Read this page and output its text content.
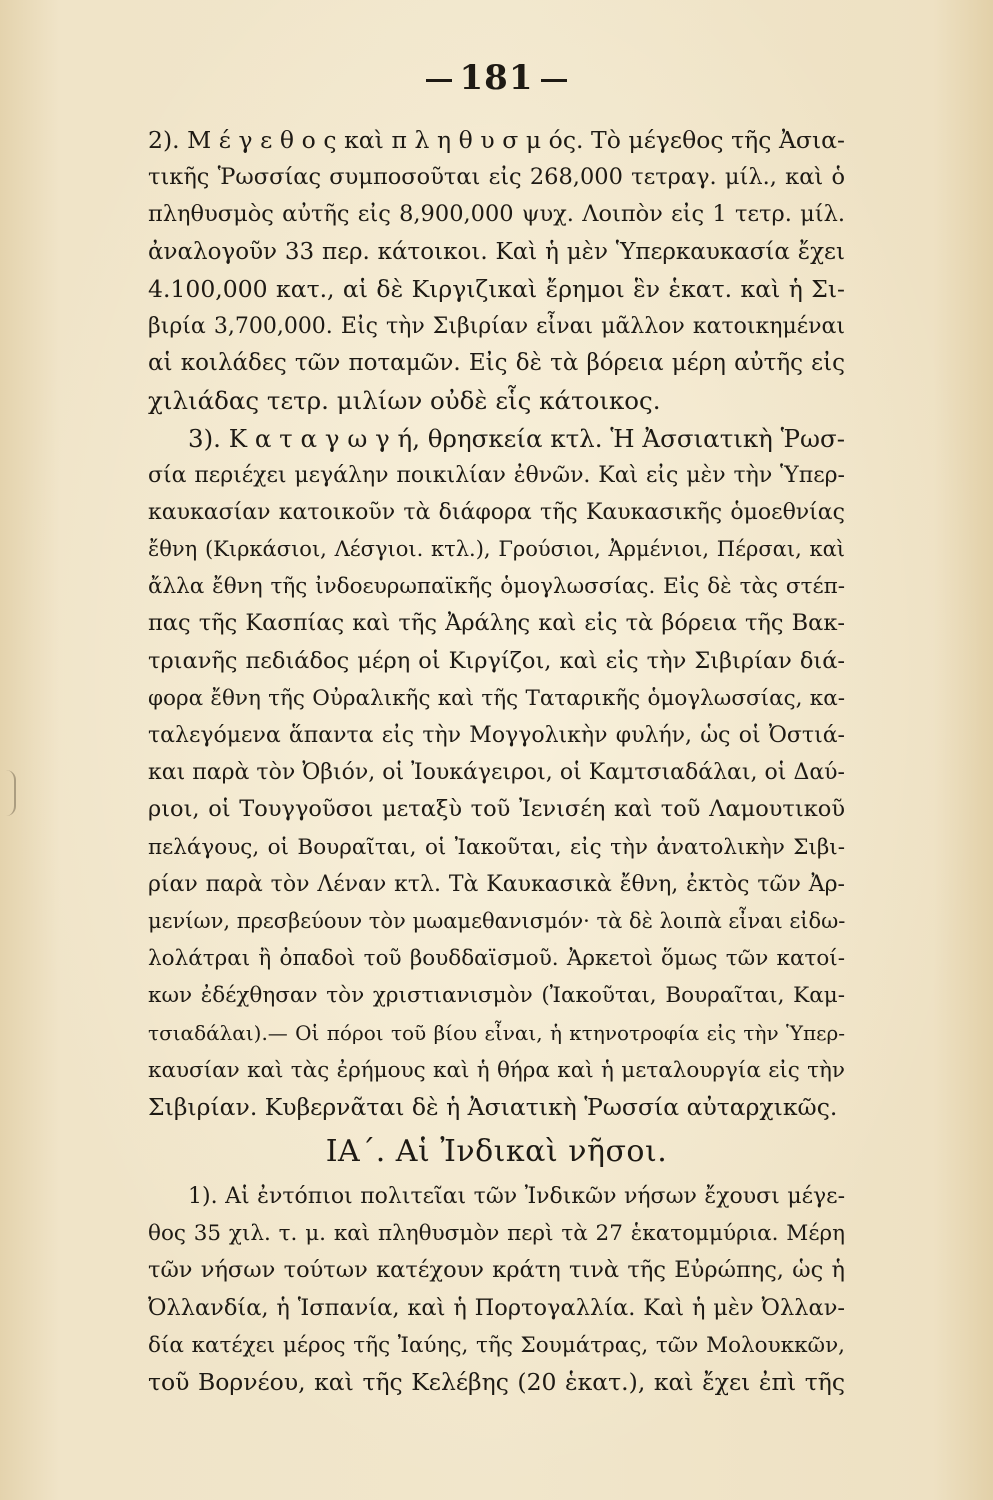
181
2). Μ έ γ ε θ ο ς καὶ π λ η θ υ σ μ ός. Τὸ μέγεθος τῆς Ἀσια-
τικῆς Ῥωσσίας συμποσοῦται εἰς 268,000 τετραγ. μίλ., καὶ ὁ
πληθυσμὸς αὐτῆς εἰς 8,900,000 ψυχ. Λοιπὸν εἰς 1 τετρ. μίλ.
ἀναλογοῦν 33 περ. κάτοικοι. Καὶ ἡ μὲν Ὑπερκαυκασία ἔχει
4.100,000 κατ., αἱ δὲ Κιργιζικαὶ ἔρημοι ἓν ἑκατ. καὶ ἡ Σι-
βιρία 3,700,000. Εἰς τὴν Σιβιρίαν εἶναι μᾶλλον κατοικημέναι
αἱ κοιλάδες τῶν ποταμῶν. Εἰς δὲ τὰ βόρεια μέρη αὐτῆς εἰς
χιλιάδας τετρ. μιλίων οὐδὲ εἷς κάτοικος.
3). Κ α τ α γ ω γ ή, θρησκεία κτλ. Ἡ Ἀσσιατικὴ Ῥωσ-
σία περιέχει μεγάλην ποικιλίαν ἐθνῶν. Καὶ εἰς μὲν τὴν Ὑπερ-
καυκασίαν κατοικοῦν τὰ διάφορα τῆς Καυκασικῆς ὁμοεθνίας
ἔθνη (Κιρκάσιοι, Λέσγιοι. κτλ.), Γρούσιοι, Ἀρμένιοι, Πέρσαι, καὶ
ἄλλα ἔθνη τῆς ἰνδοευρωπαϊκῆς ὁμογλωσσίας. Εἰς δὲ τὰς στέπ-
πας τῆς Κασπίας καὶ τῆς Ἀράλης καὶ εἰς τὰ βόρεια τῆς Βακ-
τριανῆς πεδιάδος μέρη οἱ Κιργίζοι, καὶ εἰς τὴν Σιβιρίαν διά-
φορα ἔθνη τῆς Οὐραλικῆς καὶ τῆς Ταταρικῆς ὁμογλωσσίας, κα-
ταλεγόμενα ἅπαντα εἰς τὴν Μογγολικὴν φυλήν, ὡς οἱ Ὀστιά-
και παρὰ τὸν Ὀβιόν, οἱ Ἰουκάγειροι, οἱ Καμτσιαδάλαι, οἱ Δαύ-
ριοι, οἱ Τουγγοῦσοι μεταξὺ τοῦ Ἰενισέη καὶ τοῦ Λαμουτικοῦ
πελάγους, οἱ Βουραῖται, οἱ Ἰακοῦται, εἰς τὴν ἀνατολικὴν Σιβι-
ρίαν παρὰ τὸν Λέναν κτλ. Τὰ Καυκασικὰ ἔθνη, ἐκτὸς τῶν Ἀρ-
μενίων, πρεσβεύουν τὸν μωαμεθανισμόν· τὰ δὲ λοιπὰ εἶναι εἰδω-
λολάτραι ἢ ὀπαδοὶ τοῦ βουδδαϊσμοῦ. Ἀρκετοὶ ὅμως τῶν κατοί-
κων ἐδέχθησαν τὸν χριστιανισμὸν (Ἰακοῦται, Βουραῖται, Καμ-
τσιαδάλαι).— Οἱ πόροι τοῦ βίου εἶναι, ἡ κτηνοτροφία εἰς τὴν Ὑπερ-
καυσίαν καὶ τὰς ἐρήμους καὶ ἡ θήρα καὶ ἡ μεταλουργία εἰς τὴν
Σιβιρίαν. Κυβερνᾶται δὲ ἡ Ἀσιατικὴ Ῥωσσία αὐταρχικῶς.
ΙΑ΄. Αἱ Ἰνδικαὶ νῆσοι.
1). Αἱ ἐντόπιοι πολιτεῖαι τῶν Ἰνδικῶν νήσων ἔχουσι μέγε-
θος 35 χιλ. τ. μ. καὶ πληθυσμὸν περὶ τὰ 27 ἑκατομμύρια. Μέρη
τῶν νήσων τούτων κατέχουν κράτη τινὰ τῆς Εὐρώπης, ὡς ἡ
Ὀλλανδία, ἡ Ἱσπανία, καὶ ἡ Πορτογαλλία. Καὶ ἡ μὲν Ὀλλαν-
δία κατέχει μέρος τῆς Ἰαύης, τῆς Σουμάτρας, τῶν Μολουκκῶν,
τοῦ Βορνέου, καὶ τῆς Κελέβης (20 ἑκατ.), καὶ ἔχει ἐπὶ τῆς
